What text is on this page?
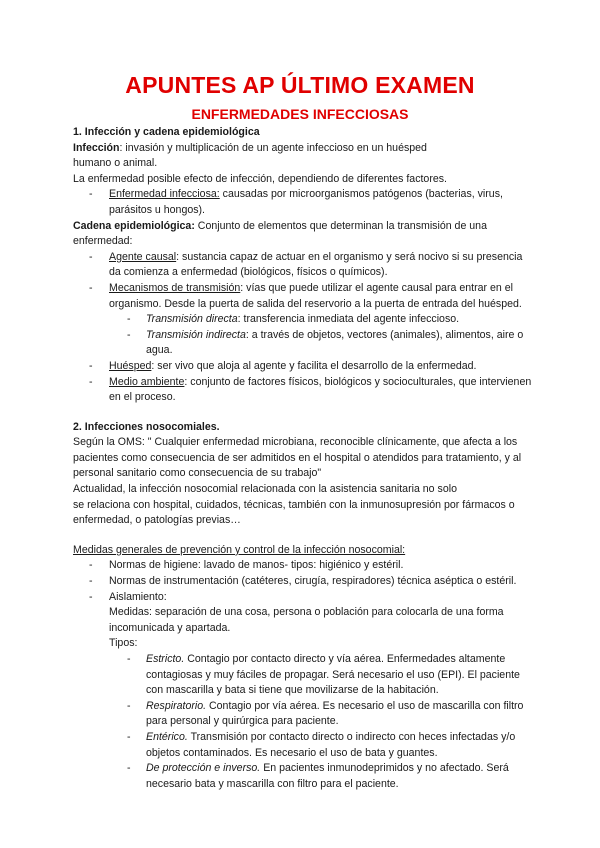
APUNTES AP ÚLTIMO EXAMEN
ENFERMEDADES INFECCIOSAS

1. Infección y cadena epidemiológica

Infección: invasión y multiplicación de un agente infeccioso en un huésped

humano o animal.

La enfermedad posible efecto de infección, dependiendo de diferentes factores.

- Enfermedad infecciosa: causadas por microorganismos patógenos (bacterias, virus, parásitos u hongos).

Cadena epidemiológica: Conjunto de elementos que determinan la transmisión de una enfermedad:

- Agente causal: sustancia capaz de actuar en el organismo y será nocivo si su presencia da comienza a enfermedad (biológicos, físicos o químicos).
- Mecanismos de transmisión: vías que puede utilizar el agente causal para entrar en el organismo. Desde la puerta de salida del reservorio a la puerta de entrada del huésped.
- Transmisión directa: transferencia inmediata del agente infeccioso.
- Transmisión indirecta: a través de objetos, vectores (animales), alimentos, aire o agua.
- Huésped: ser vivo que aloja al agente y facilita el desarrollo de la enfermedad.
- Medio ambiente: conjunto de factores físicos, biológicos y socioculturales, que intervienen en el proceso.

2. Infecciones nosocomiales.

Según la OMS: " Cualquier enfermedad microbiana, reconocible clínicamente, que afecta a los pacientes como consecuencia de ser admitidos en el hospital o atendidos para tratamiento, y al personal sanitario como consecuencia de su trabajo"

Actualidad, la infección nosocomial relacionada con la asistencia sanitaria no solo

se relaciona con hospital, cuidados, técnicas, también con la inmunosupresión por fármacos o enfermedad, o patologías previas…

Medidas generales de prevención y control de la infección nosocomial:

- Normas de higiene: lavado de manos- tipos: higiénico y estéril.
- Normas de instrumentación (catéteres, cirugía, respiradores) técnica aséptica o estéril.
- Aislamiento:

Medidas: separación de una cosa, persona o población para colocarla de una forma incomunicada y apartada.

Tipos:

- Estricto. Contagio por contacto directo y vía aérea. Enfermedades altamente contagiosas y muy fáciles de propagar. Será necesario el uso (EPI). El paciente con mascarilla y bata si tiene que movilizarse de la habitación.
- Respiratorio. Contagio por vía aérea. Es necesario el uso de mascarilla con filtro para personal y quirúrgica para paciente.
- Entérico. Transmisión por contacto directo o indirecto con heces infectadas y/o objetos contaminados. Es necesario el uso de bata y guantes.
- De protección e inverso. En pacientes inmunodeprimidos y no afectado. Será necesario bata y mascarilla con filtro para el paciente.
